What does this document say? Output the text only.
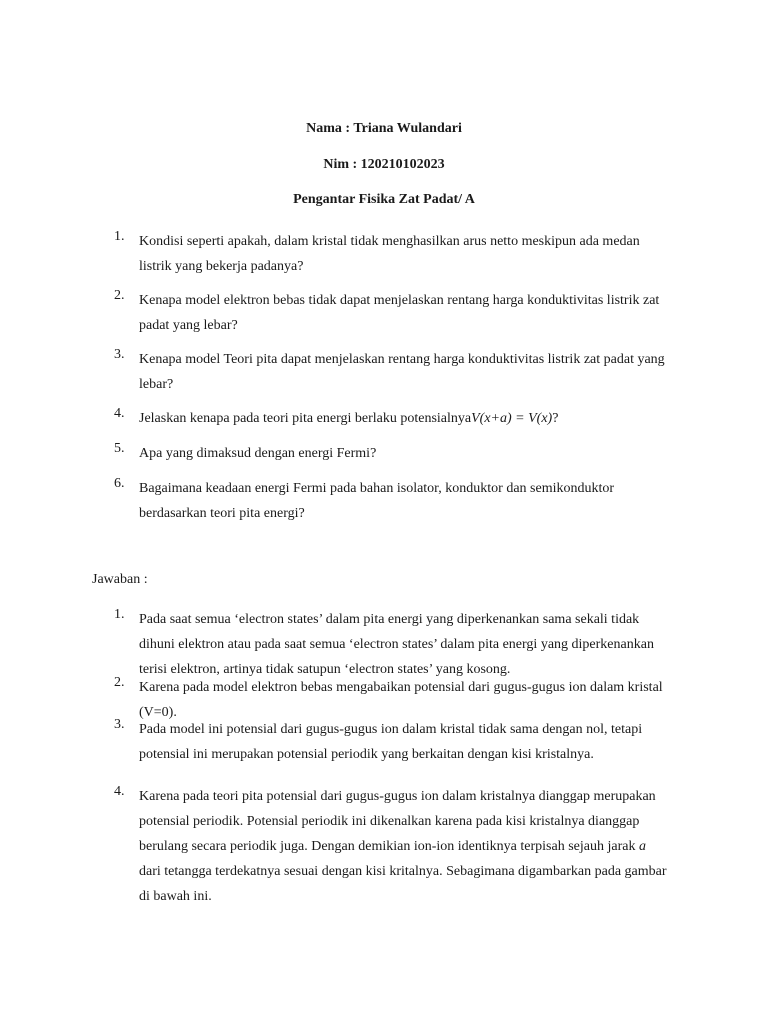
Nama : Triana Wulandari
Nim : 120210102023
Pengantar Fisika Zat Padat/ A
1.	Kondisi seperti apakah, dalam kristal tidak menghasilkan arus netto meskipun ada medan listrik yang bekerja padanya?
2.	Kenapa model elektron bebas tidak dapat menjelaskan rentang harga konduktivitas listrik zat padat yang lebar?
3.	Kenapa model Teori pita dapat menjelaskan rentang harga konduktivitas listrik zat padat yang lebar?
4.	Jelaskan kenapa pada teori pita energi berlaku potensialnyaV(x+a) = V(x)?
5.	Apa yang dimaksud dengan energi Fermi?
6.	Bagaimana keadaan energi Fermi pada bahan isolator, konduktor dan semikonduktor berdasarkan teori pita energi?
Jawaban :
1.	Pada saat semua ‘electron states’ dalam pita energi yang diperkenankan sama sekali tidak dihuni elektron atau pada saat semua ‘electron states’ dalam pita energi yang diperkenankan terisi elektron, artinya tidak satupun ‘electron states’ yang kosong.
2.	Karena pada model elektron bebas mengabaikan potensial dari gugus-gugus ion dalam kristal (V=0).
3.	Pada model ini potensial dari gugus-gugus ion dalam kristal tidak sama dengan nol, tetapi potensial ini merupakan potensial periodik yang berkaitan dengan kisi kristalnya.
4.	Karena pada teori pita potensial dari gugus-gugus ion dalam kristalnya dianggap merupakan potensial periodik. Potensial periodik ini dikenalkan karena pada kisi kristalnya dianggap berulang secara periodik juga. Dengan demikian ion-ion identiknya terpisah sejauh jarak a dari tetangga terdekatnya sesuai dengan kisi kritalnya. Sebagimana digambarkan pada gambar di bawah ini.
